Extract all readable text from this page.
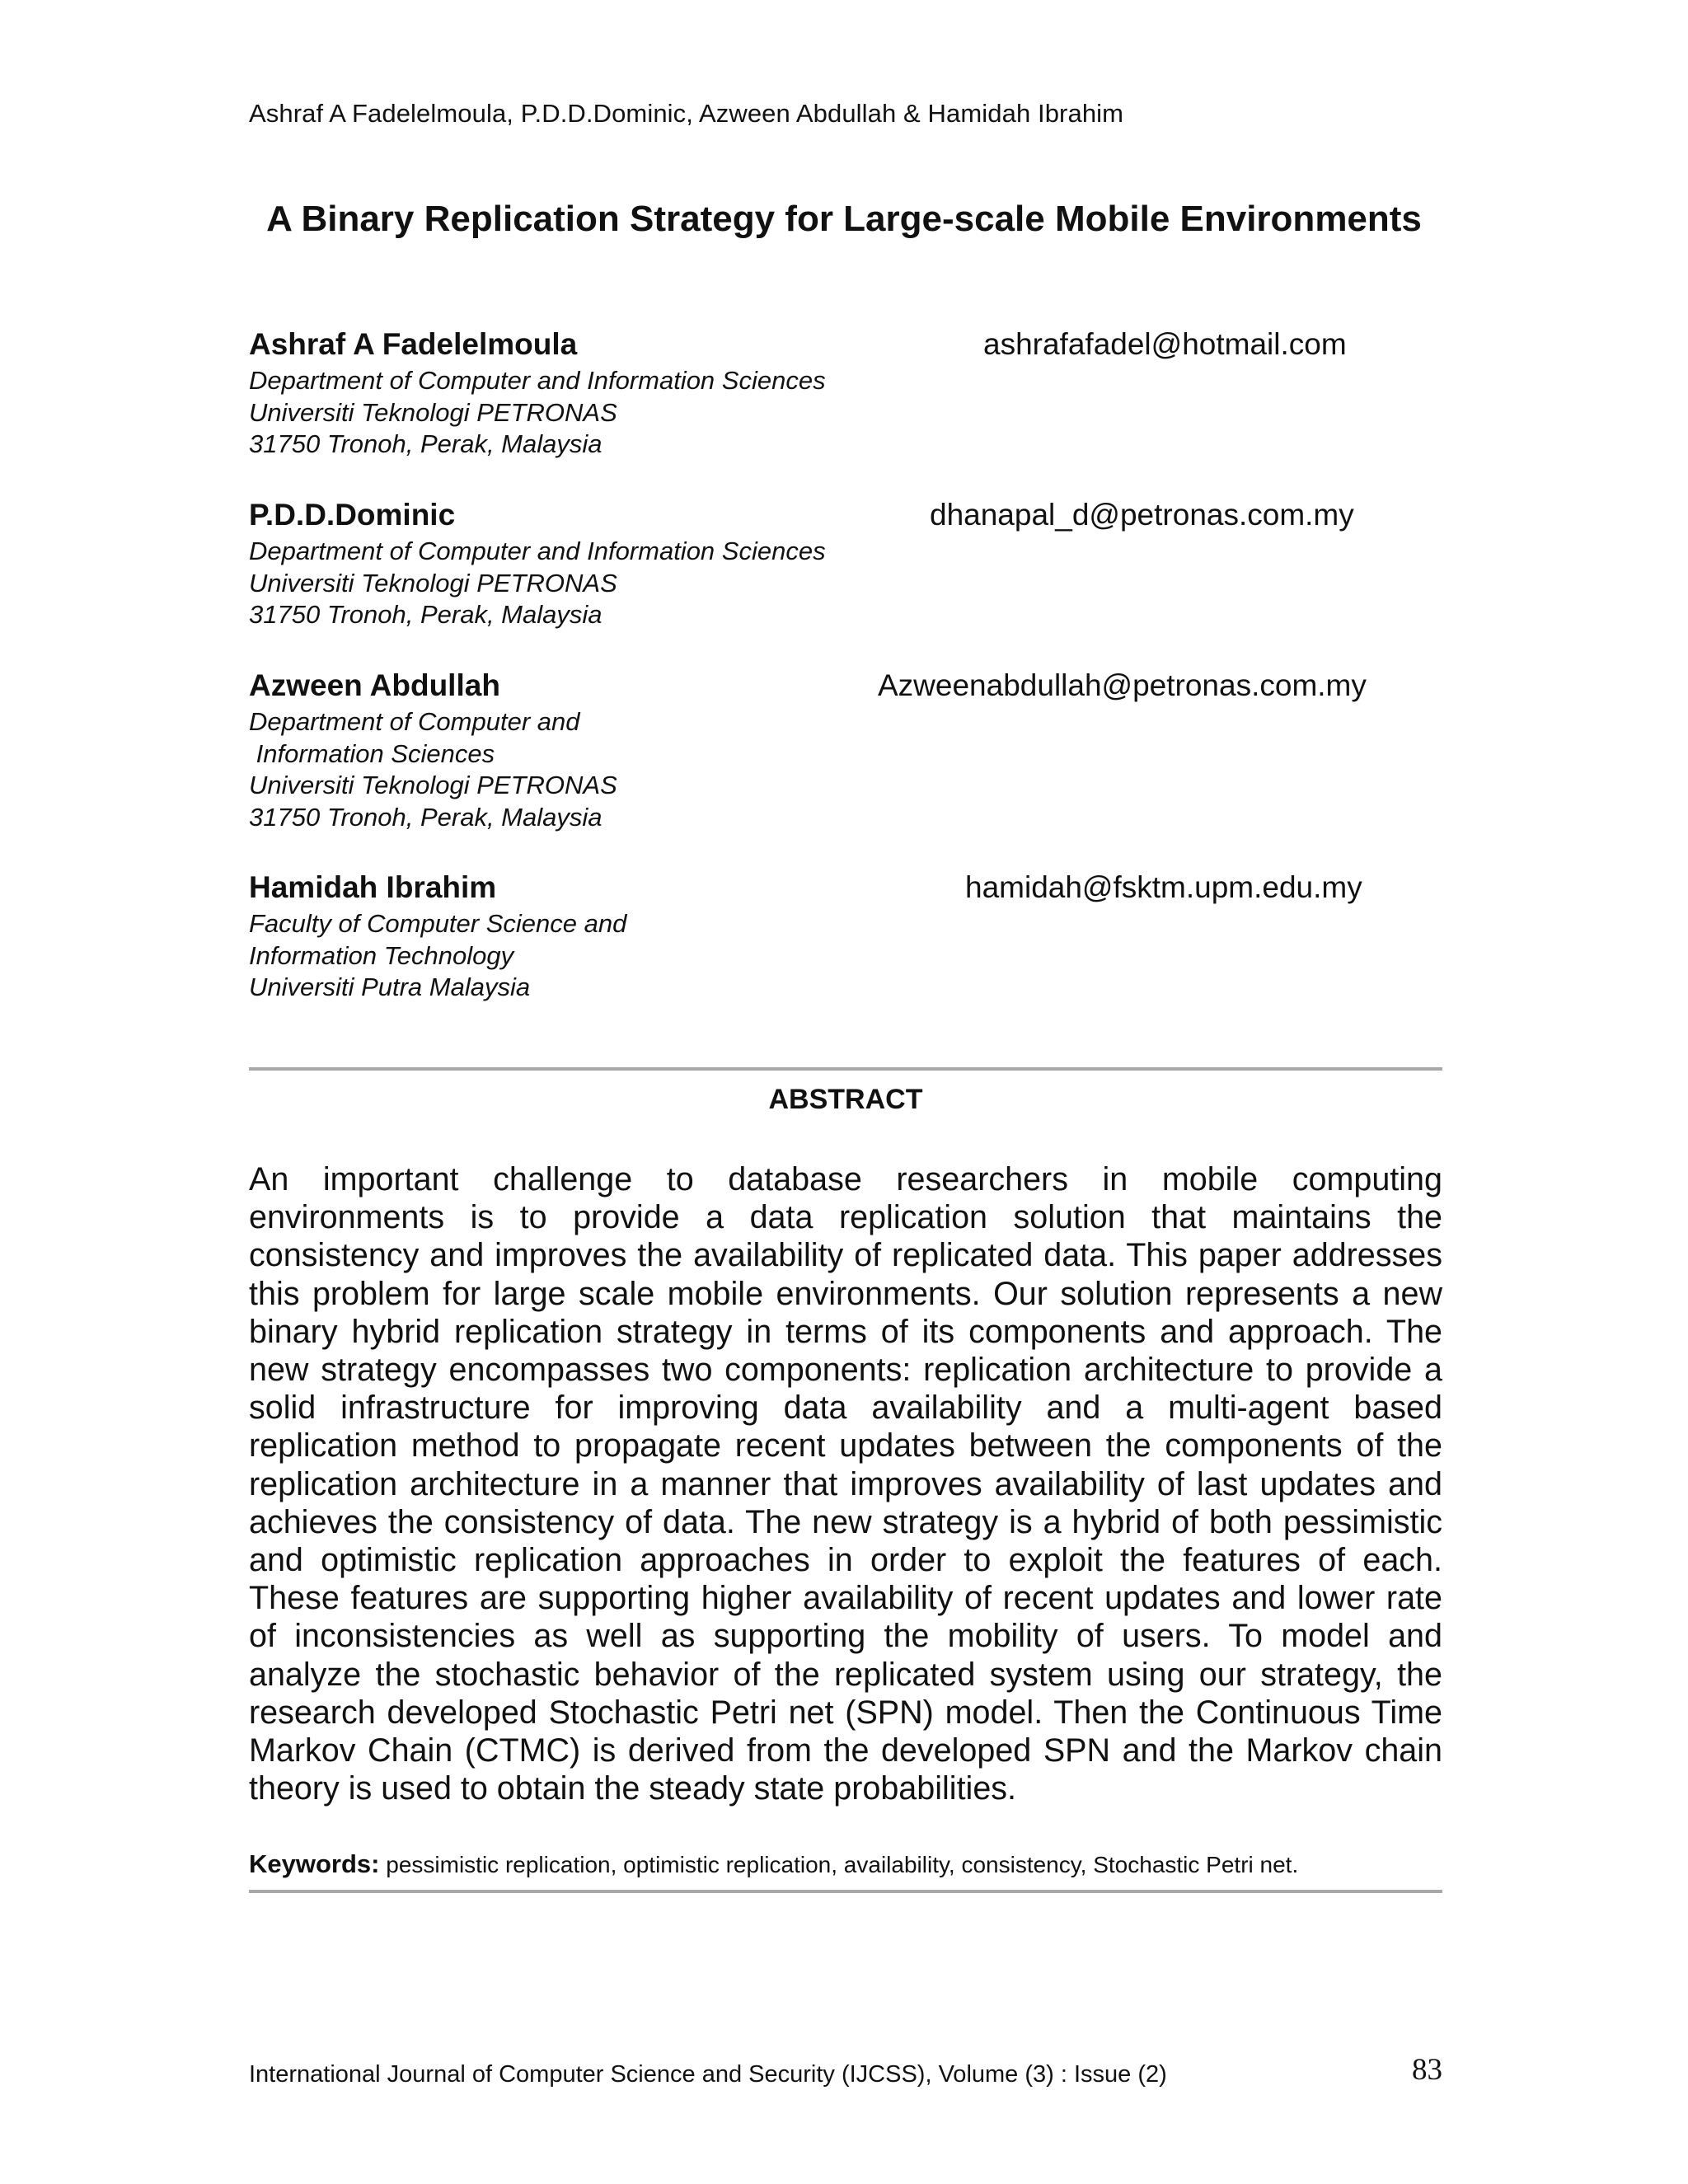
Ashraf A Fadelelmoula, P.D.D.Dominic, Azween Abdullah & Hamidah Ibrahim
A Binary Replication Strategy for Large-scale Mobile Environments
Ashraf A Fadelelmoula
Department of Computer and Information Sciences
Universiti Teknologi PETRONAS
31750 Tronoh, Perak, Malaysia
ashrafafadel@hotmail.com
P.D.D.Dominic
Department of Computer and Information Sciences
Universiti Teknologi PETRONAS
31750 Tronoh, Perak, Malaysia
dhanapal_d@petronas.com.my
Azween Abdullah
Department of Computer and
Information Sciences
Universiti Teknologi PETRONAS
31750 Tronoh, Perak, Malaysia
Azweenabdullah@petronas.com.my
Hamidah Ibrahim
Faculty of Computer Science and
Information Technology
Universiti Putra Malaysia
hamidah@fsktm.upm.edu.my
ABSTRACT

An important challenge to database researchers in mobile computing environments is to provide a data replication solution that maintains the consistency and improves the availability of replicated data. This paper addresses this problem for large scale mobile environments. Our solution represents a new binary hybrid replication strategy in terms of its components and approach. The new strategy encompasses two components: replication architecture to provide a solid infrastructure for improving data availability and a multi-agent based replication method to propagate recent updates between the components of the replication architecture in a manner that improves availability of last updates and achieves the consistency of data. The new strategy is a hybrid of both pessimistic and optimistic replication approaches in order to exploit the features of each. These features are supporting higher availability of recent updates and lower rate of inconsistencies as well as supporting the mobility of users. To model and analyze the stochastic behavior of the replicated system using our strategy, the research developed Stochastic Petri net (SPN) model. Then the Continuous Time Markov Chain (CTMC) is derived from the developed SPN and the Markov chain theory is used to obtain the steady state probabilities.

Keywords: pessimistic replication, optimistic replication, availability, consistency, Stochastic Petri net.
International Journal of Computer Science and Security (IJCSS), Volume (3) : Issue (2)	83
